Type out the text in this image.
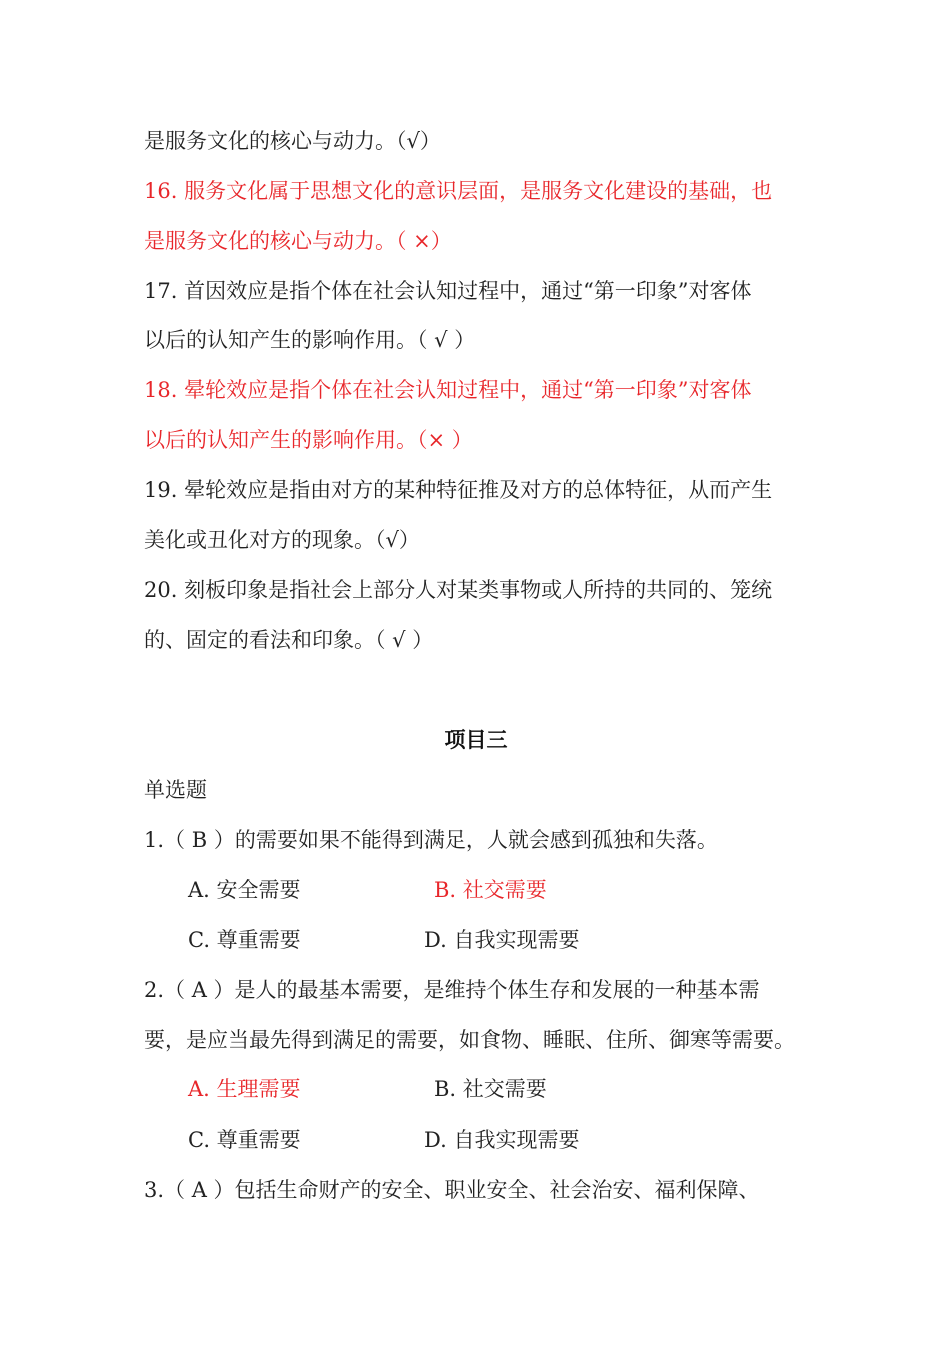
是服务文化的核心与动力。（√）
16. 服务文化属于思想文化的意识层面，是服务文化建设的基础，也
是服务文化的核心与动力。（ ×）
17. 首因效应是指个体在社会认知过程中，通过“第一印象”对客体
以后的认知产生的影响作用。（ √ ）
18. 晕轮效应是指个体在社会认知过程中，通过“第一印象”对客体
以后的认知产生的影响作用。（× ）
19. 晕轮效应是指由对方的某种特征推及对方的总体特征，从而产生
美化或丑化对方的现象。（√）
20. 刻板印象是指社会上部分人对某类事物或人所持的共同的、笼统
的、固定的看法和印象。（ √ ）
项目三
单选题
1.（ B ）的需要如果不能得到满足，人就会感到孤独和失落。
A. 安全需要	B. 社交需要
C. 尊重需要	D. 自我实现需要
2.（ A ）是人的最基本需要，是维持个体生存和发展的一种基本需
要，是应当最先得到满足的需要，如食物、睡眠、住所、御寒等需要。
A. 生理需要	B. 社交需要
C. 尊重需要	D. 自我实现需要
3.（ A ）包括生命财产的安全、职业安全、社会治安、福利保障、
